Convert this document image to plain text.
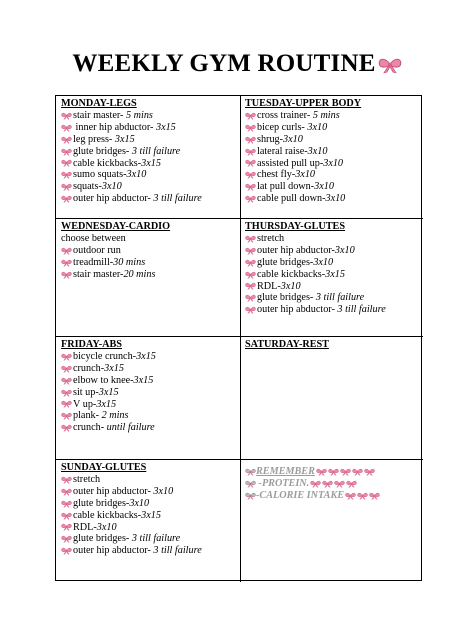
WEEKLY GYM ROUTINE
MONDAY-LEGS
stair master- 5 mins
inner hip abductor- 3x15
leg press- 3x15
glute bridges- 3 till failure
cable kickbacks- 3x15
sumo squats- 3x10
squats- 3x10
outer hip abductor- 3 till failure
TUESDAY-UPPER BODY
cross trainer- 5 mins
bicep curls- 3x10
shrug- 3x10
lateral raise- 3x10
assisted pull up- 3x10
chest fly- 3x10
lat pull down- 3x10
cable pull down- 3x10
WEDNESDAY-CARDIO
choose between
outdoor run
treadmill- 30 mins
stair master- 20 mins
THURSDAY-GLUTES
stretch
outer hip abductor- 3x10
glute bridges- 3x10
cable kickbacks- 3x15
RDL- 3x10
glute bridges- 3 till failure
outer hip abductor- 3 till failure
FRIDAY-ABS
bicycle crunch- 3x15
crunch- 3x15
elbow to knee- 3x15
sit up- 3x15
V up- 3x15
plank- 2 mins
crunch- until failure
SATURDAY-REST
SUNDAY-GLUTES
stretch
outer hip abductor- 3x10
glute bridges- 3x10
cable kickbacks- 3x15
RDL- 3x10
glute bridges- 3 till failure
outer hip abductor- 3 till failure
REMEMBER
-PROTEIN.
-CALORIE INTAKE
